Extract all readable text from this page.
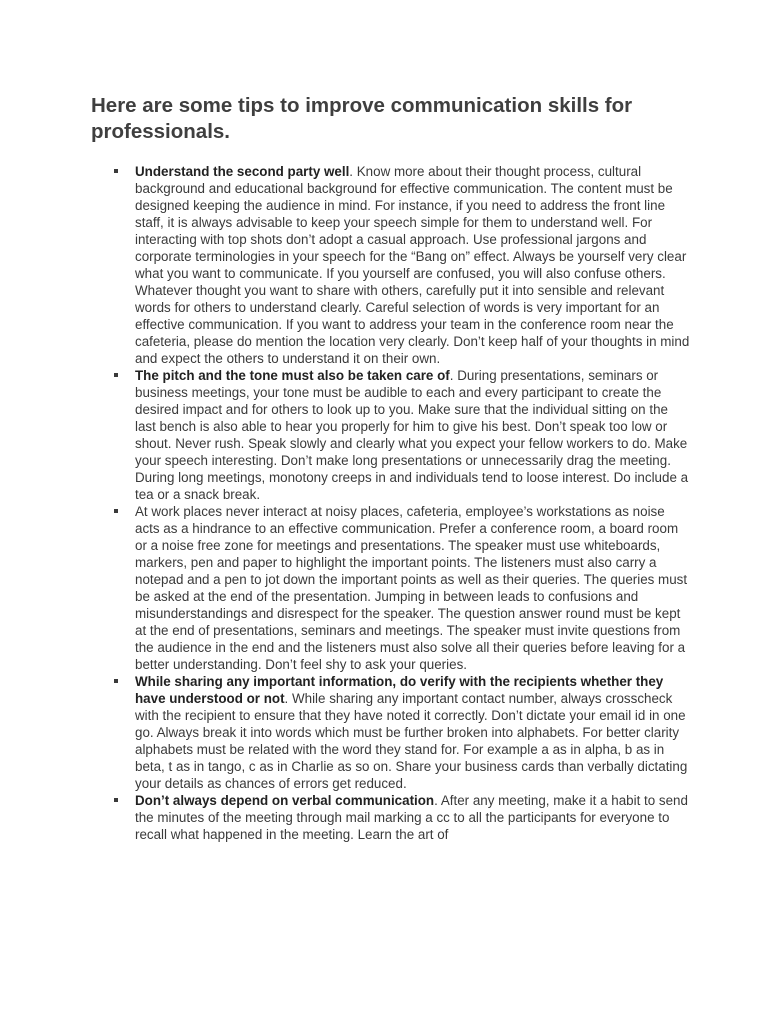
Here are some tips to improve communication skills for professionals.
Understand the second party well. Know more about their thought process, cultural background and educational background for effective communication. The content must be designed keeping the audience in mind. For instance, if you need to address the front line staff, it is always advisable to keep your speech simple for them to understand well. For interacting with top shots don’t adopt a casual approach. Use professional jargons and corporate terminologies in your speech for the “Bang on” effect. Always be yourself very clear what you want to communicate. If you yourself are confused, you will also confuse others. Whatever thought you want to share with others, carefully put it into sensible and relevant words for others to understand clearly. Careful selection of words is very important for an effective communication. If you want to address your team in the conference room near the cafeteria, please do mention the location very clearly. Don’t keep half of your thoughts in mind and expect the others to understand it on their own.
The pitch and the tone must also be taken care of. During presentations, seminars or business meetings, your tone must be audible to each and every participant to create the desired impact and for others to look up to you. Make sure that the individual sitting on the last bench is also able to hear you properly for him to give his best. Don’t speak too low or shout. Never rush. Speak slowly and clearly what you expect your fellow workers to do. Make your speech interesting. Don’t make long presentations or unnecessarily drag the meeting. During long meetings, monotony creeps in and individuals tend to loose interest. Do include a tea or a snack break.
At work places never interact at noisy places, cafeteria, employee’s workstations as noise acts as a hindrance to an effective communication. Prefer a conference room, a board room or a noise free zone for meetings and presentations. The speaker must use whiteboards, markers, pen and paper to highlight the important points. The listeners must also carry a notepad and a pen to jot down the important points as well as their queries. The queries must be asked at the end of the presentation. Jumping in between leads to confusions and misunderstandings and disrespect for the speaker. The question answer round must be kept at the end of presentations, seminars and meetings. The speaker must invite questions from the audience in the end and the listeners must also solve all their queries before leaving for a better understanding. Don’t feel shy to ask your queries.
While sharing any important information, do verify with the recipients whether they have understood or not. While sharing any important contact number, always crosscheck with the recipient to ensure that they have noted it correctly. Don’t dictate your email id in one go. Always break it into words which must be further broken into alphabets. For better clarity alphabets must be related with the word they stand for. For example a as in alpha, b as in beta, t as in tango, c as in Charlie as so on. Share your business cards than verbally dictating your details as chances of errors get reduced.
Don’t always depend on verbal communication. After any meeting, make it a habit to send the minutes of the meeting through mail marking a cc to all the participants for everyone to recall what happened in the meeting. Learn the art of
